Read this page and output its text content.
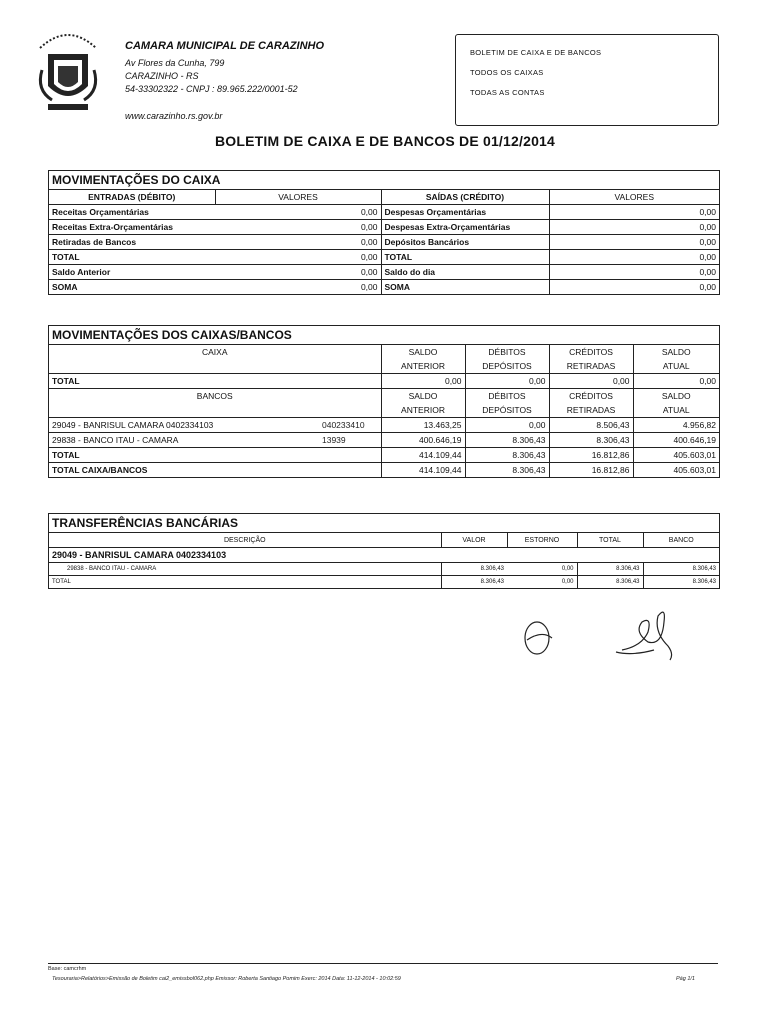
CAMARA MUNICIPAL DE CARAZINHO
Av Flores da Cunha, 799
CARAZINHO - RS
54-33302322 - CNPJ : 89.965.222/0001-52
www.carazinho.rs.gov.br
BOLETIM DE CAIXA E DE BANCOS
TODOS OS CAIXAS
TODAS AS CONTAS
BOLETIM DE CAIXA E DE BANCOS DE 01/12/2014
MOVIMENTAÇÕES DO CAIXA
ENTRADAS (DÉBITO)	VALORES	SAÍDAS (CRÉDITO)	VALORES
Receitas Orçamentárias	0,00	Despesas Orçamentárias	0,00
Receitas Extra-Orçamentárias	0,00	Despesas Extra-Orçamentárias	0,00
Retiradas de Bancos	0,00	Depósitos Bancários	0,00
TOTAL	0,00	TOTAL	0,00
Saldo Anterior	0,00	Saldo do dia	0,00
SOMA	0,00	SOMA	0,00
MOVIMENTAÇÕES DOS CAIXAS/BANCOS
CAIXA		SALDO	DÉBITOS	CRÉDITOS	SALDO
		ANTERIOR	DEPÓSITOS	RETIRADAS	ATUAL
TOTAL		0,00	0,00	0,00	0,00
BANCOS		SALDO	DÉBITOS	CRÉDITOS	SALDO
		ANTERIOR	DEPÓSITOS	RETIRADAS	ATUAL
29049 - BANRISUL CAMARA 0402334103	040233410	13.463,25	0,00	8.506,43	4.956,82
29838 - BANCO ITAU - CAMARA	13939	400.646,19	8.306,43	8.306,43	400.646,19
TOTAL		414.109,44	8.306,43	16.812,86	405.603,01
TOTAL CAIXA/BANCOS		414.109,44	8.306,43	16.812,86	405.603,01
TRANSFERÊNCIAS BANCÁRIAS
DESCRIÇÃO	VALOR	ESTORNO	TOTAL	BANCO
29049 - BANRISUL CAMARA 0402334103				
29838 - BANCO ITAU - CAMARA	8.306,43	0,00	8.306,43	8.306,43
TOTAL	8.306,43	0,00	8.306,43	8.306,43
Base: camcrhm
Tesouraria>Relatórios>Emissão de Boletim cai2_emissbol062.php Emissor: Roberta Santiago Pomim Exerc: 2014 Data: 11-12-2014 - 10:02:59	Pág 1/1
